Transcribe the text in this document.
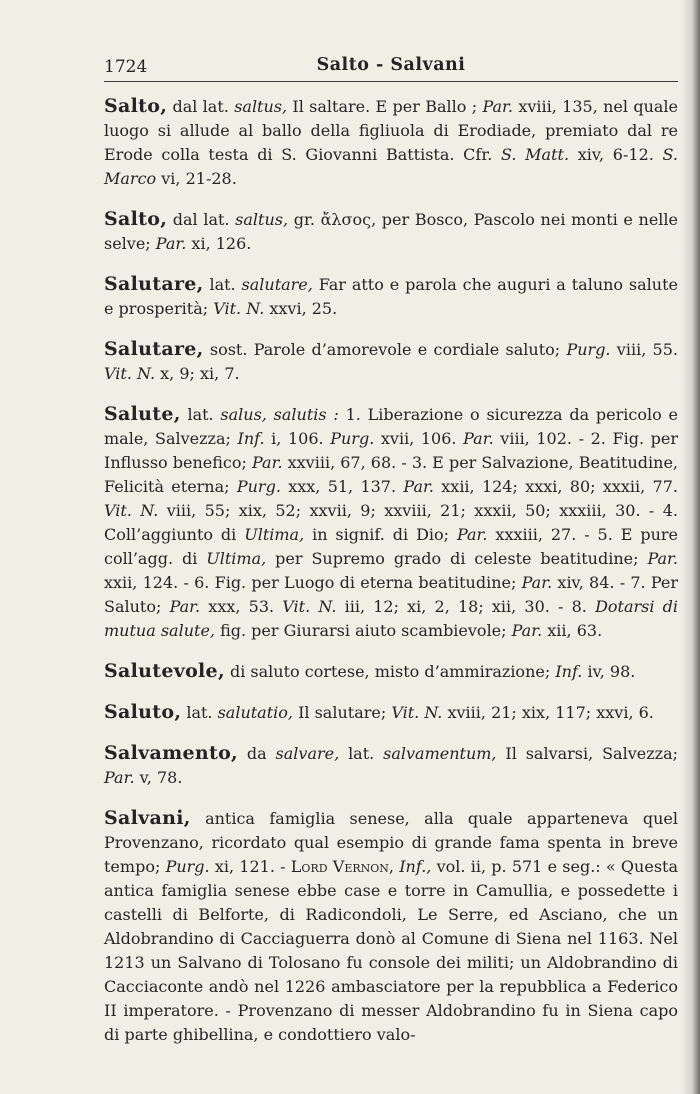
1724	Salto - Salvani

Salto, dal lat. saltus, Il saltare. E per Ballo ; Par. xviii, 135, nel quale luogo si allude al ballo della figliuola di Erodiade, premiato dal re Erode colla testa di S. Giovanni Battista. Cfr. S. Matt. xiv, 6-12. S. Marco vi, 21-28.

Salto, dal lat. saltus, gr. ἄλσος, per Bosco, Pascolo nei monti e nelle selve; Par. xi, 126.

Salutare, lat. salutare, Far atto e parola che auguri a taluno salute e prosperità; Vit. N. xxvi, 25.

Salutare, sost. Parole d’amorevole e cordiale saluto; Purg. viii, 55. Vit. N. x, 9; xi, 7.

Salute, lat. salus, salutis : 1. Liberazione o sicurezza da pericolo e male, Salvezza; Inf. i, 106. Purg. xvii, 106. Par. viii, 102. - 2. Fig. per Influsso benefico; Par. xxviii, 67, 68. - 3. E per Salvazione, Beatitudine, Felicità eterna; Purg. xxx, 51, 137. Par. xxii, 124; xxxi, 80; xxxii, 77. Vit. N. viii, 55; xix, 52; xxvii, 9; xxviii, 21; xxxii, 50; xxxiii, 30. - 4. Coll’aggiunto di Ultima, in signif. di Dio; Par. xxxiii, 27. - 5. E pure coll’agg. di Ultima, per Supremo grado di celeste beatitudine; Par. xxii, 124. - 6. Fig. per Luogo di eterna beatitudine; Par. xiv, 84. - 7. Per Saluto; Par. xxx, 53. Vit. N. iii, 12; xi, 2, 18; xii, 30. - 8. Dotarsi di mutua salute, fig. per Giurarsi aiuto scambievole; Par. xii, 63.

Salutevole, di saluto cortese, misto d’ammirazione; Inf. iv, 98.

Saluto, lat. salutatio, Il salutare; Vit. N. xviii, 21; xix, 117; xxvi, 6.

Salvamento, da salvare, lat. salvamentum, Il salvarsi, Salvezza; Par. v, 78.

Salvani, antica famiglia senese, alla quale apparteneva quel Provenzano, ricordato qual esempio di grande fama spenta in breve tempo; Purg. xi, 121. - Lord Vernon, Inf., vol. ii, p. 571 e seg.: « Questa antica famiglia senese ebbe case e torre in Camullia, e possedette i castelli di Belforte, di Radicondoli, Le Serre, ed Asciano, che un Aldobrandino di Cacciaguerra donò al Comune di Siena nel 1163. Nel 1213 un Salvano di Tolosano fu console dei militi; un Aldobrandino di Cacciaconte andò nel 1226 ambasciatore per la repubblica a Federico II imperatore. - Provenzano di messer Aldobrandino fu in Siena capo di parte ghibellina, e condottiero valo-
